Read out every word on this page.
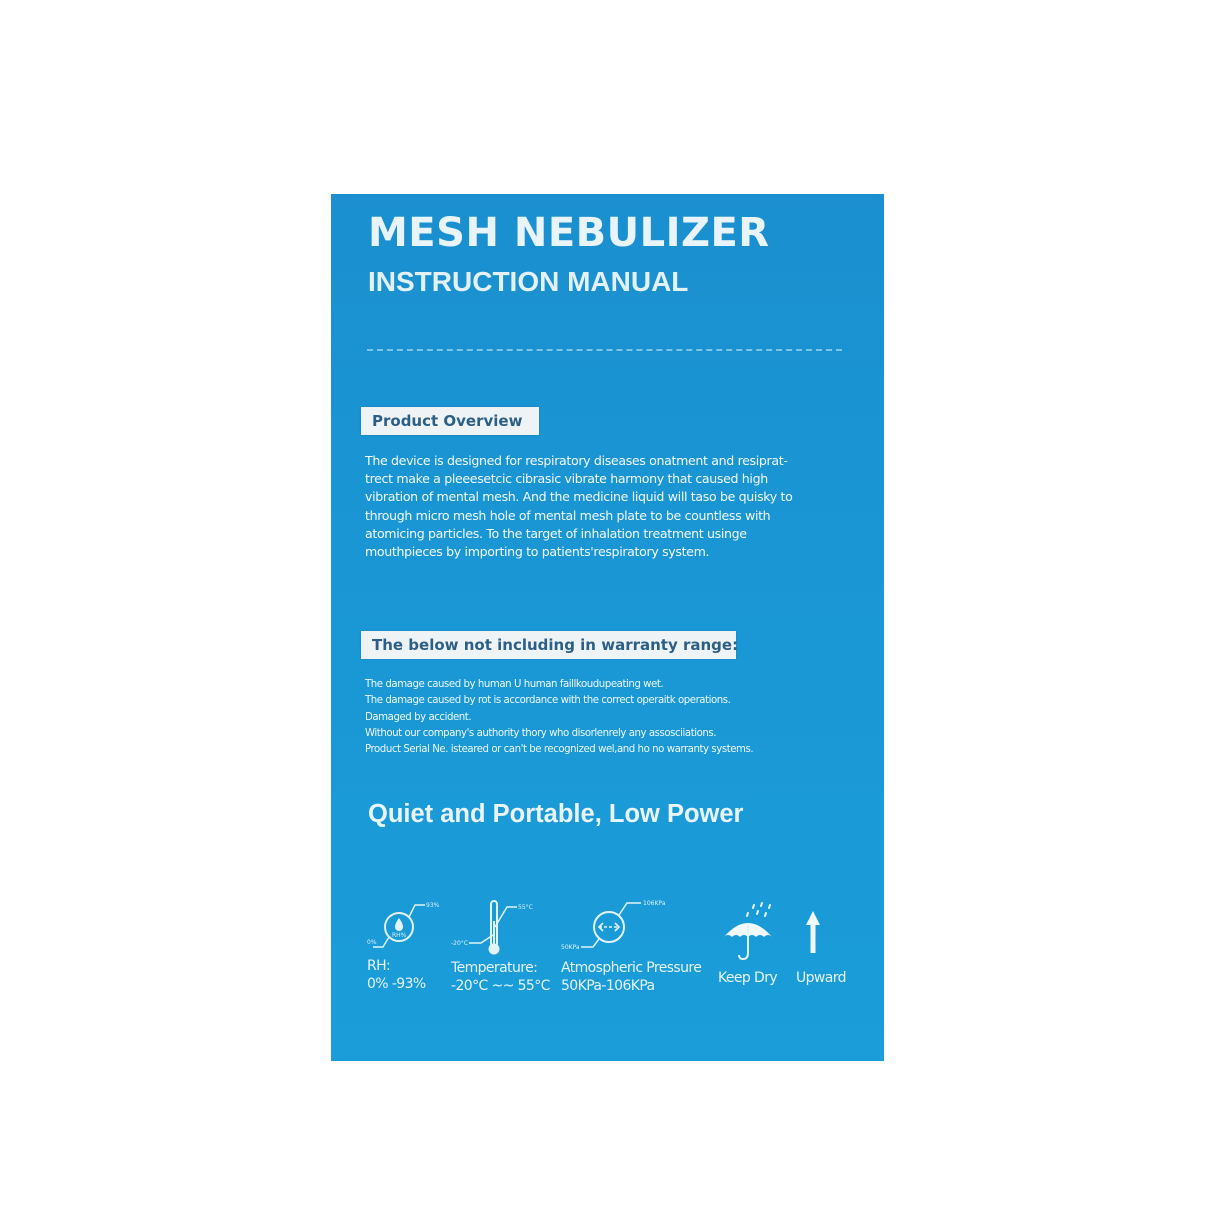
MESH NEBULIZER
INSTRUCTION MANUAL
Product Overview

The device is designed for respiratory diseases onatment and resiprat-

trect make a pleeesetcic cibrasic vibrate harmony that caused high

vibration of mental mesh. And the medicine liquid will taso be quisky to

through micro mesh hole of mental mesh plate to be countless with

atomicing particles. To the target of inhalation treatment usinge

mouthpieces by importing to patients'respiratory system.

The below not including in warranty range:
The damage caused by human U human faillkoudupeating wet.
The damage caused by rot is accordance with the correct operaitk operations.
Damaged by accident.
Without our company's authority thory who disorlenrely any assosciiations.
Product Serial Ne. isteared or can't be recognized wel,and ho no warranty systems.
Quiet and Portable, Low Power
RH%
93%
0%
RH:
0% -93%
55°C
-20°C
Temperature:
-20°C ~~ 55°C
106KPa
50KPa
Atmospheric Pressure
50KPa-106KPa	Keep Dry Upward
